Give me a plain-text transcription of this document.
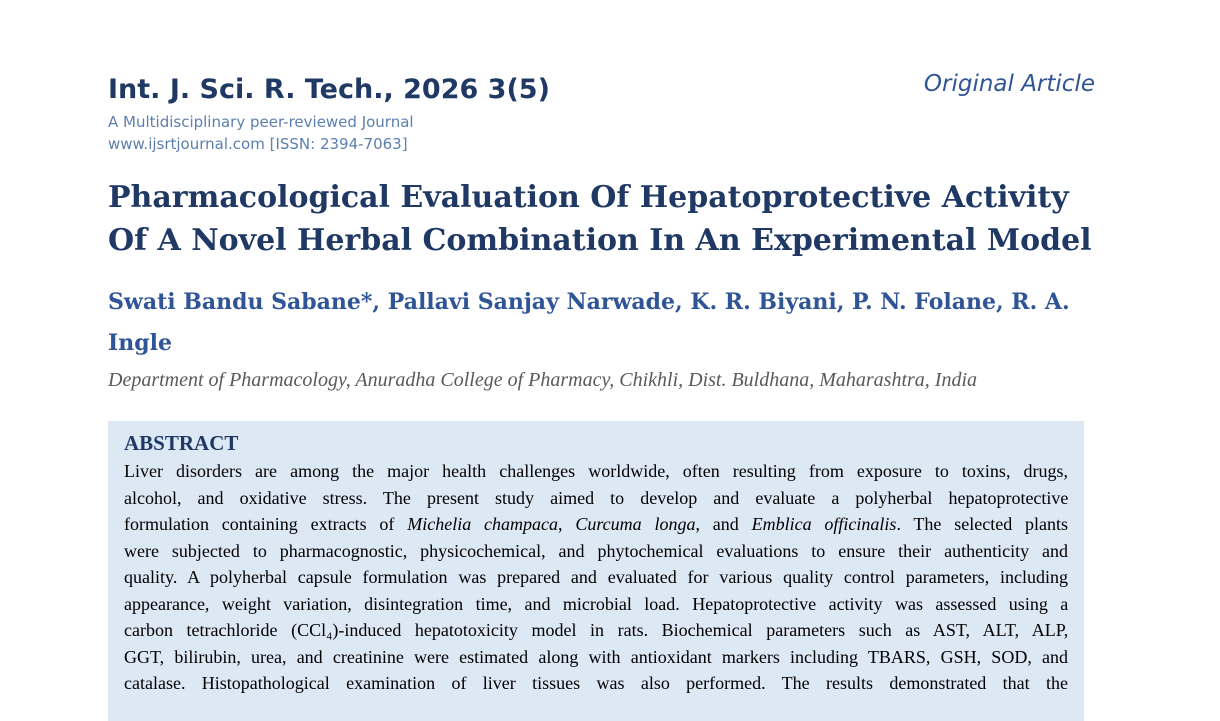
Int. J. Sci. R. Tech., 2026 3(5)	Original Article
A Multidisciplinary peer-reviewed Journal
www.ijsrtjournal.com [ISSN: 2394-7063]
Pharmacological Evaluation Of Hepatoprotective Activity
Of A Novel Herbal Combination In An Experimental Model

Swati Bandu Sabane*, Pallavi Sanjay Narwade, K. R. Biyani, P. N. Folane, R. A.
Ingle

Department of Pharmacology, Anuradha College of Pharmacy, Chikhli, Dist. Buldhana, Maharashtra, India
ABSTRACT
Liver disorders are among the major health challenges worldwide, often resulting from exposure to toxins, drugs,
alcohol, and oxidative stress. The present study aimed to develop and evaluate a polyherbal hepatoprotective
formulation containing extracts of Michelia champaca, Curcuma longa, and Emblica officinalis. The selected plants
were subjected to pharmacognostic, physicochemical, and phytochemical evaluations to ensure their authenticity and
quality. A polyherbal capsule formulation was prepared and evaluated for various quality control parameters, including
appearance, weight variation, disintegration time, and microbial load. Hepatoprotective activity was assessed using a
carbon tetrachloride (CCl₄)-induced hepatotoxicity model in rats. Biochemical parameters such as AST, ALT, ALP,
GGT, bilirubin, urea, and creatinine were estimated along with antioxidant markers including TBARS, GSH, SOD, and
catalase. Histopathological examination of liver tissues was also performed. The results demonstrated that the
